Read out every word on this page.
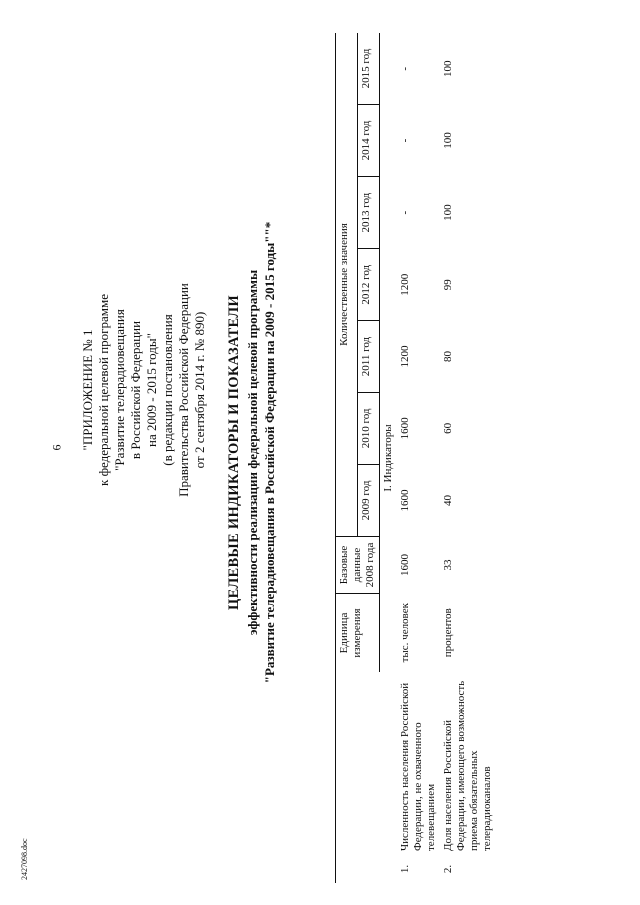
6 "ПРИЛОЖЕНИЕ № 1 к федеральной целевой программе "Развитие телерадиовещания в Российской Федерации на 2009 - 2015 годы" (в редакции постановления Правительства Российской Федерации от 2 сентября 2014 г. № 890) ЦЕЛЕВЫЕ ИНДИКАТОРЫ И ПОКАЗАТЕЛИ эффективности реализации федеральной целевой программы "Развитие телерадиовещания в Российской Федерации на 2009 - 2015 годы""*
			Единица измерения	Базовые данные 2008 года	Количественные значения						
				2009 год	2010 год	2011 год	2012 год	2013 год	2014 год	2015 год
I. Индикаторы										
1.	Численность населения Российской Федерации, не охваченного телевещанием	тыс. человек	1600	1600	1600	1200	1200	-	-	-
2.	Доля населения Российской Федерации, имеющего возможность приема обязательных телерадиоканалов	процентов	33	40	60	80	99	100	100	100
2427098.doc
